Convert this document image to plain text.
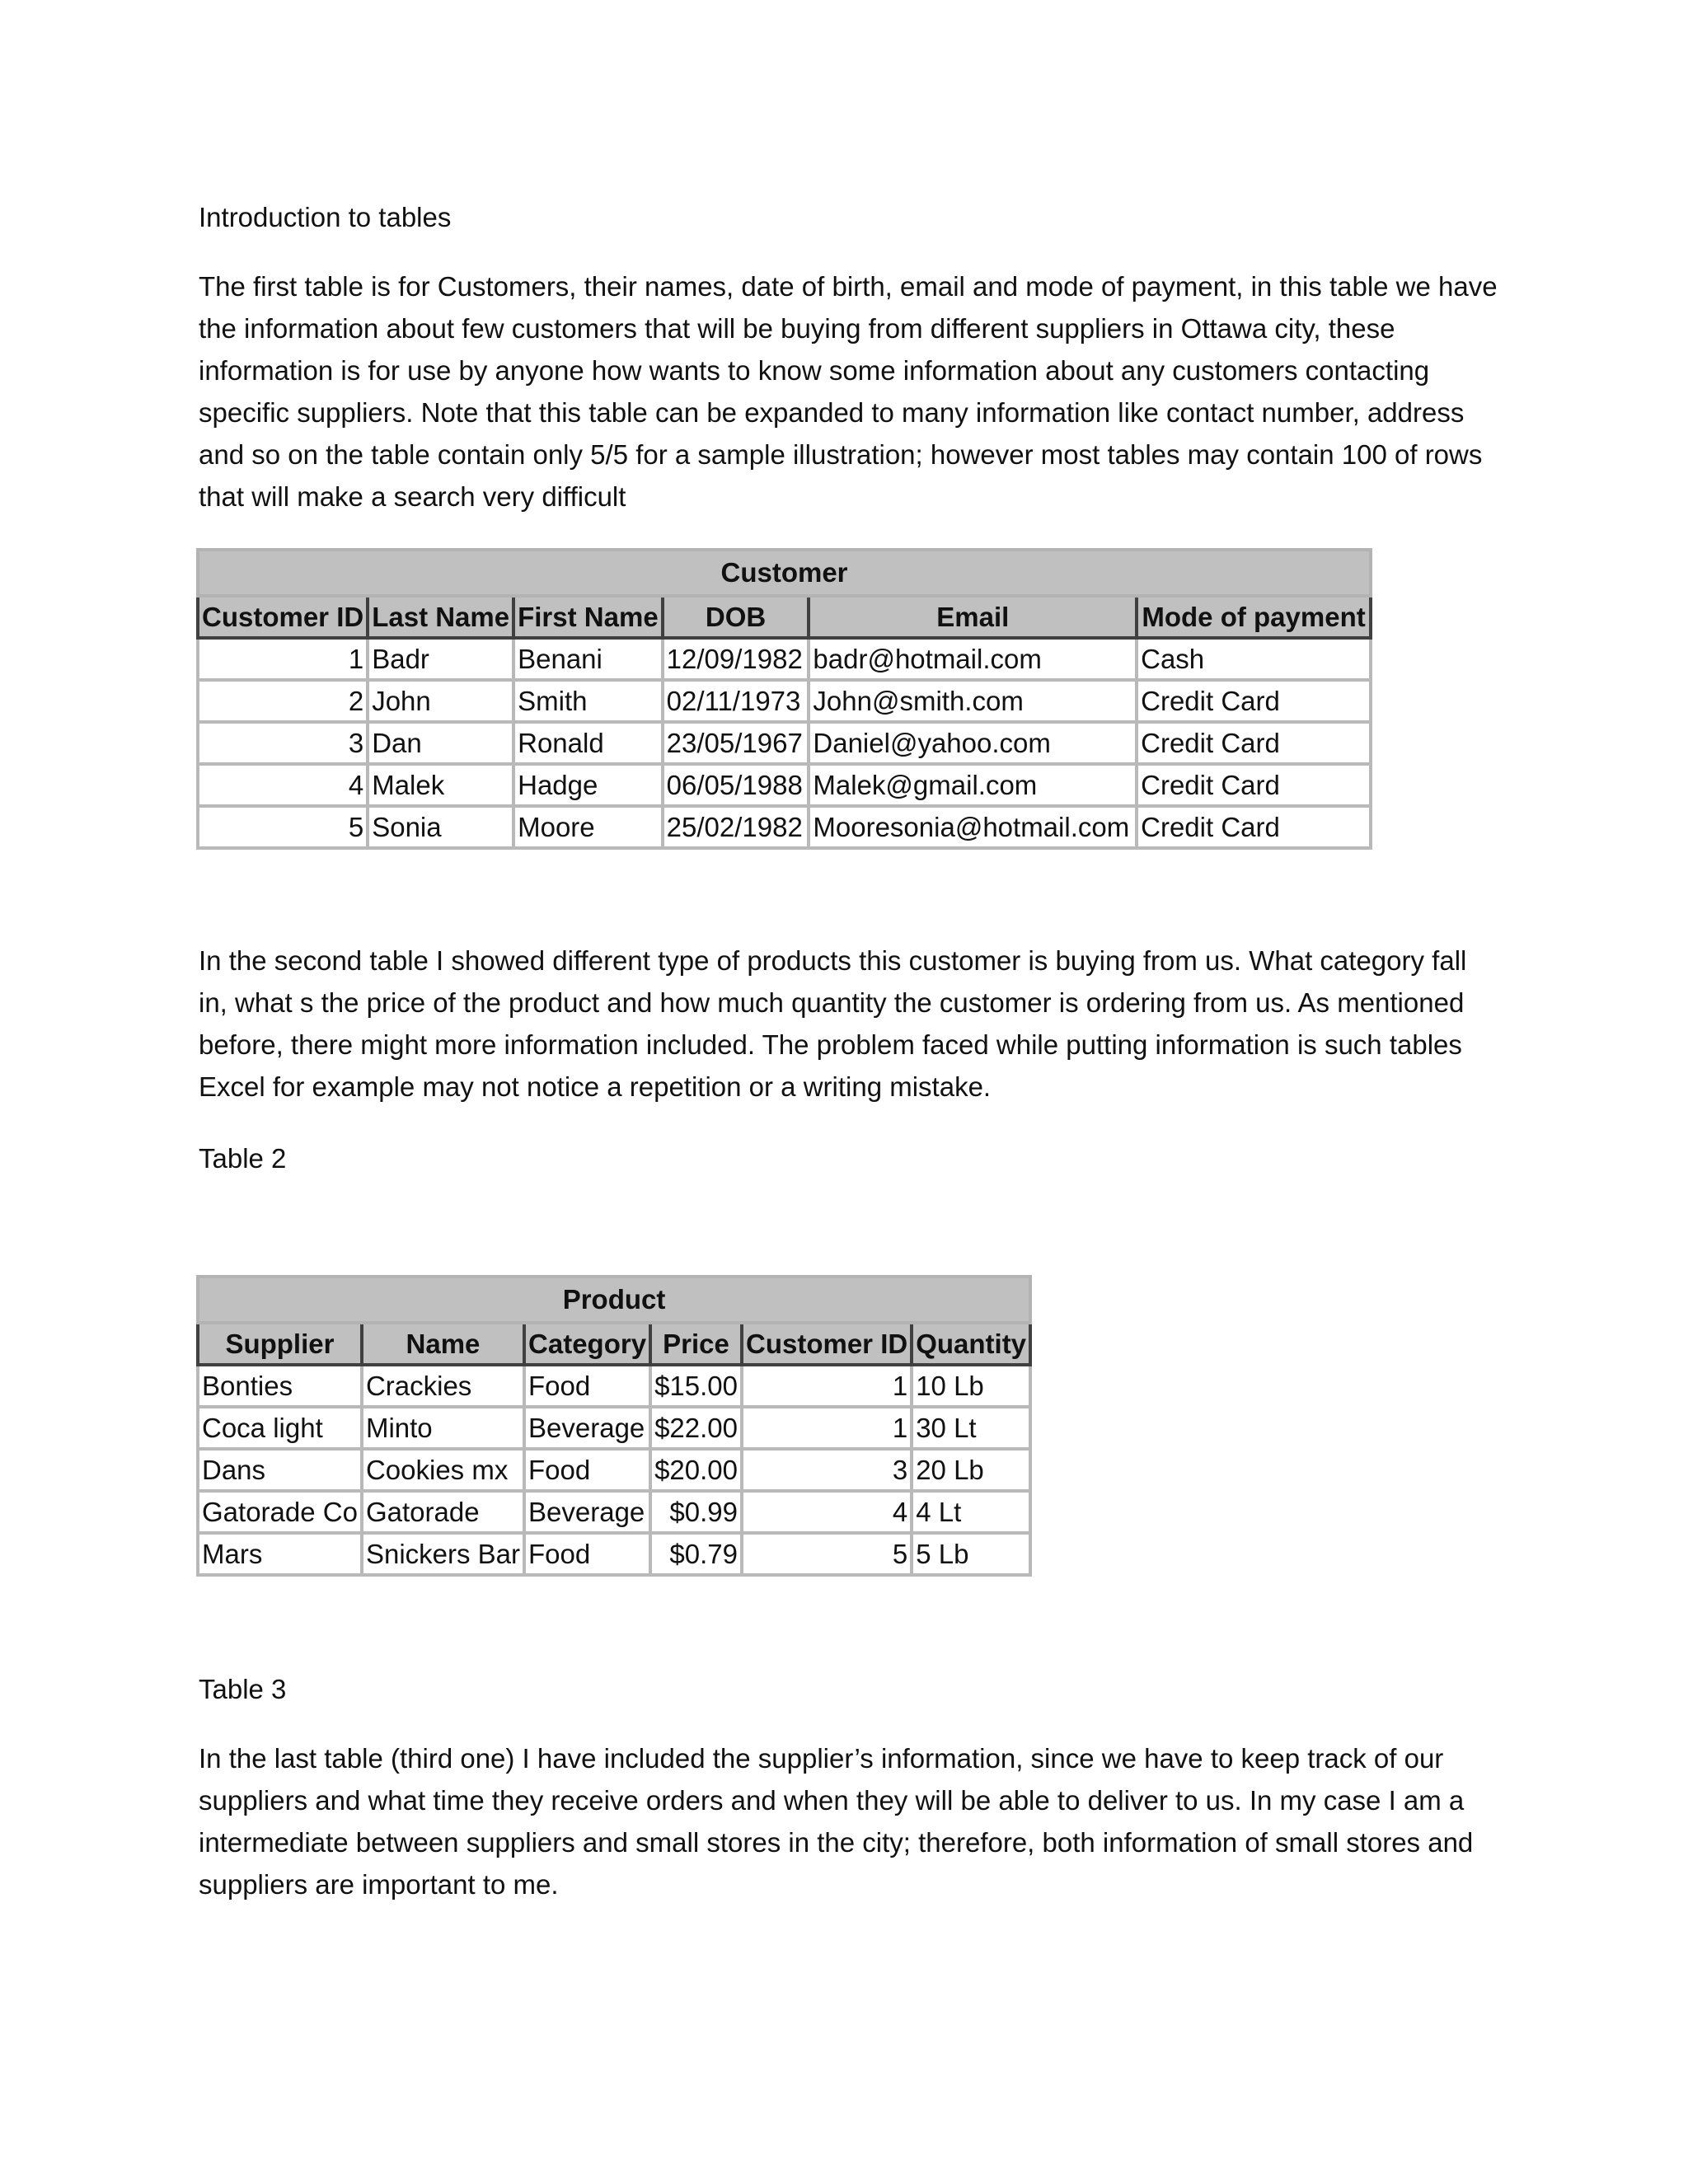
Introduction to tables

The first table is for Customers, their names, date of birth, email and mode of payment, in this table we have the information about few customers that will be buying from different suppliers in Ottawa city, these information is for use by anyone how wants to know some information about any customers contacting specific suppliers. Note that this table can be expanded to many information like contact number, address and so on the table contain only 5/5 for a sample illustration; however most tables may contain 100 of rows that will make a search very difficult

Customer					
Customer ID	Last Name	First Name	DOB	Email	Mode of payment
1	Badr	Benani	12/09/1982	badr@hotmail.com	Cash
2	John	Smith	02/11/1973	John@smith.com	Credit Card
3	Dan	Ronald	23/05/1967	Daniel@yahoo.com	Credit Card
4	Malek	Hadge	06/05/1988	Malek@gmail.com	Credit Card
5	Sonia	Moore	25/02/1982	Mooresonia@hotmail.com	Credit Card

In the second table I showed different type of products this customer is buying from us. What category fall in, what s the price of the product and how much quantity the customer is ordering from us. As mentioned before, there might more information included. The problem faced while putting information is such tables Excel for example may not notice a repetition or a writing mistake.

Table 2

Product					
Supplier	Name	Category	Price	Customer ID	Quantity
Bonties	Crackies	Food	$15.00	1	10 Lb
Coca light	Minto	Beverage	$22.00	1	30 Lt
Dans	Cookies mx	Food	$20.00	3	20 Lb
Gatorade Co	Gatorade	Beverage	$0.99	4	4 Lt
Mars	Snickers Bar	Food	$0.79	5	5 Lb

Table 3

In the last table (third one) I have included the supplier’s information, since we have to keep track of our suppliers and what time they receive orders and when they will be able to deliver to us. In my case I am a intermediate between suppliers and small stores in the city; therefore, both information of small stores and suppliers are important to me.
